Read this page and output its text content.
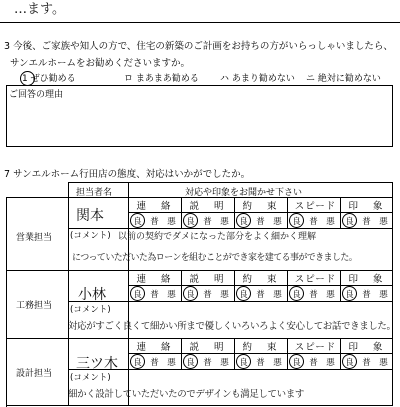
…ます。
3 今後、ご家族や知人の方で、住宅の新築のご計画をお持ちの方がいらっしゃいましたら、
サンエルホームをお勧めくださいますか。
1 ぜひ勧める	ロ まあまあ勧める ハ あまり勧めない ニ 絶対に勧めない
ご回答の理由
7 サンエルホーム行田店の態度、対応はいかがでしたか。
担当者名	対応や印象をお聞かせ下さい
営業担当
関本
連 絡	説 明	約 束	スピード	印 象
良 普 悪 良 普 悪 良 普 悪 良 普 悪 良 普 悪
(コメント) 以前の契約でダメになった部分をよく細かく理解
につっていただいた為ローンを組むことができ家を建てる事ができました。
工務担当
小林
連 絡	説 明	約 束	スピード	印 象
良 普 悪 良 普 悪 良 普 悪 良 普 悪 良 普 悪
(コメント)
対応がすごく良くて細かい所まで優しくいろいろよく安心してお話できました。
設計担当
三ツ木
連 絡	説 明	約 束	スピード	印 象
良 普 悪 良 普 悪 良 普 悪 良 普 悪 良 普 悪
(コメント)
細かく設計していただいたのでデザインも満足しています
